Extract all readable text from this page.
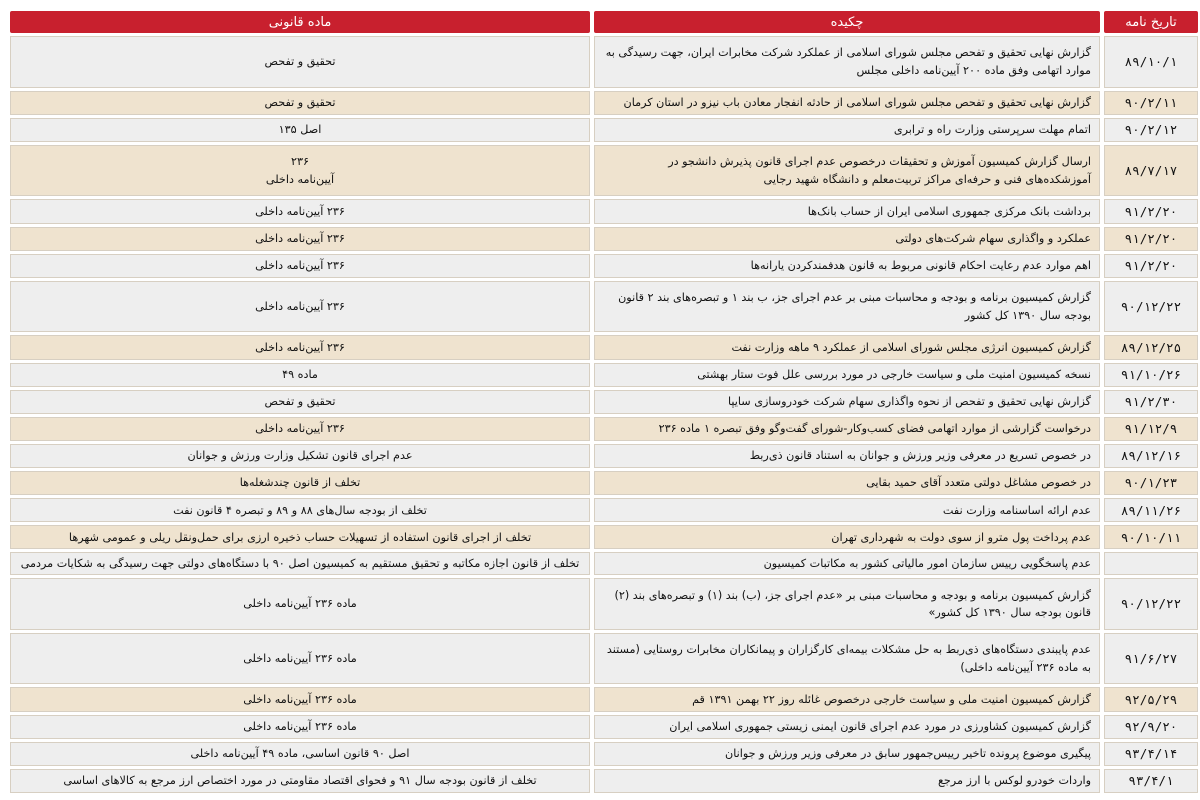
تاریخ نامه	چکیده	ماده قانونی
۸۹/۱۰/۱	گزارش نهایی تحقیق و تفحص مجلس شورای اسلامی از عملکرد شرکت مخابرات ایران، جهت رسیدگی به موارد اتهامی وفق ماده ۲۰۰ آیین‌نامه داخلی مجلس	تحقیق و تفحص

۹۰/۲/۱۱	گزارش نهایی تحقیق و تفحص مجلس شورای اسلامی از حادثه انفجار معادن باب نیزو در استان کرمان	تحقیق و تفحص

۹۰/۲/۱۲	اتمام مهلت سرپرستی وزارت راه و ترابری	اصل ۱۳۵

۸۹/۷/۱۷	ارسال گزارش کمیسیون آموزش و تحقیقات درخصوص عدم اجرای قانون پذیرش دانشجو در آموزشکده‌های فنی و حرفه‌ای مراکز تربیت‌معلم و دانشگاه شهید رجایی	۲۳۶
آیین‌نامه داخلی

۹۱/۲/۲۰	برداشت بانک مرکزی جمهوری اسلامی ایران از حساب بانک‌ها	۲۳۶ آیین‌نامه داخلی

۹۱/۲/۲۰	عملکرد و واگذاری سهام شرکت‌های دولتی	۲۳۶ آیین‌نامه داخلی

۹۱/۲/۲۰	اهم موارد عدم رعایت احکام قانونی مربوط به قانون هدفمندکردن یارانه‌ها	۲۳۶ آیین‌نامه داخلی

۹۰/۱۲/۲۲	گزارش کمیسیون برنامه و بودجه و محاسبات مبنی بر عدم اجرای جز، ب بند ۱ و تبصره‌های بند ۲ قانون بودجه سال ۱۳۹۰ کل کشور	۲۳۶ آیین‌نامه داخلی

۸۹/۱۲/۲۵	گزارش کمیسیون انرژی مجلس شورای اسلامی از عملکرد ۹ ماهه وزارت نفت	۲۳۶ آیین‌نامه داخلی

۹۱/۱۰/۲۶	نسخه کمیسیون امنیت ملی و سیاست خارجی در مورد بررسی علل فوت ستار بهشتی	ماده ۴۹

۹۱/۲/۳۰	گزارش نهایی تحقیق و تفحص از نحوه واگذاری سهام شرکت خودروسازی سایپا	تحقیق و تفحص

۹۱/۱۲/۹	درخواست گزارشی از موارد اتهامی فضای کسب‌وکار-شورای گفت‌وگو وفق تبصره ۱ ماده ۲۳۶	۲۳۶ آیین‌نامه داخلی

۸۹/۱۲/۱۶	در خصوص تسریع در معرفی وزیر ورزش و جوانان به استناد قانون ذی‌ربط	عدم اجرای قانون تشکیل وزارت ورزش و جوانان

۹۰/۱/۲۳	در خصوص مشاغل دولتی متعدد آقای حمید بقایی	تخلف از قانون چندشغله‌ها

۸۹/۱۱/۲۶	عدم ارائه اساسنامه وزارت نفت	تخلف از بودجه سال‌های ۸۸ و ۸۹ و تبصره ۴ قانون نفت

۹۰/۱۰/۱۱	عدم پرداخت پول مترو از سوی دولت به شهرداری تهران	تخلف از اجرای قانون استفاده از تسهیلات حساب ذخیره ارزی برای حمل‌ونقل ریلی و عمومی شهرها

	عدم پاسخگویی رییس سازمان امور مالیاتی کشور به مکاتبات کمیسیون	تخلف از قانون اجازه مکاتبه و تحقیق مستقیم به کمیسیون اصل ۹۰ با دستگاه‌های دولتی جهت رسیدگی به شکایات مردمی

۹۰/۱۲/۲۲	گزارش کمیسیون برنامه و بودجه و محاسبات مبنی بر «عدم اجرای جز، (ب) بند (۱) و تبصره‌های بند (۲) قانون بودجه سال ۱۳۹۰ کل کشور»	ماده ۲۳۶ آیین‌نامه داخلی

۹۱/۶/۲۷	عدم پایبندی دستگاه‌های ذی‌ربط به حل مشکلات بیمه‌ای کارگزاران و پیمانکاران مخابرات روستایی (مستند به ماده ۲۳۶ آیین‌نامه داخلی)	ماده ۲۳۶ آیین‌نامه داخلی

۹۲/۵/۲۹	گزارش کمیسیون امنیت ملی و سیاست خارجی درخصوص غائله روز ۲۲ بهمن ۱۳۹۱ قم	ماده ۲۳۶ آیین‌نامه داخلی

۹۲/۹/۲۰	گزارش کمیسیون کشاورزی در مورد عدم اجرای قانون ایمنی زیستی جمهوری اسلامی ایران	ماده ۲۳۶ آیین‌نامه داخلی

۹۳/۴/۱۴	پیگیری موضوع پرونده تاخیر رییس‌جمهور سابق در معرفی وزیر ورزش و جوانان	اصل ۹۰ قانون اساسی، ماده ۴۹ آیین‌نامه داخلی

۹۳/۴/۱	واردات خودرو لوکس با ارز مرجع	تخلف از قانون بودجه سال ۹۱ و فحوای اقتصاد مقاومتی در مورد اختصاص ارز مرجع به کالاهای اساسی
